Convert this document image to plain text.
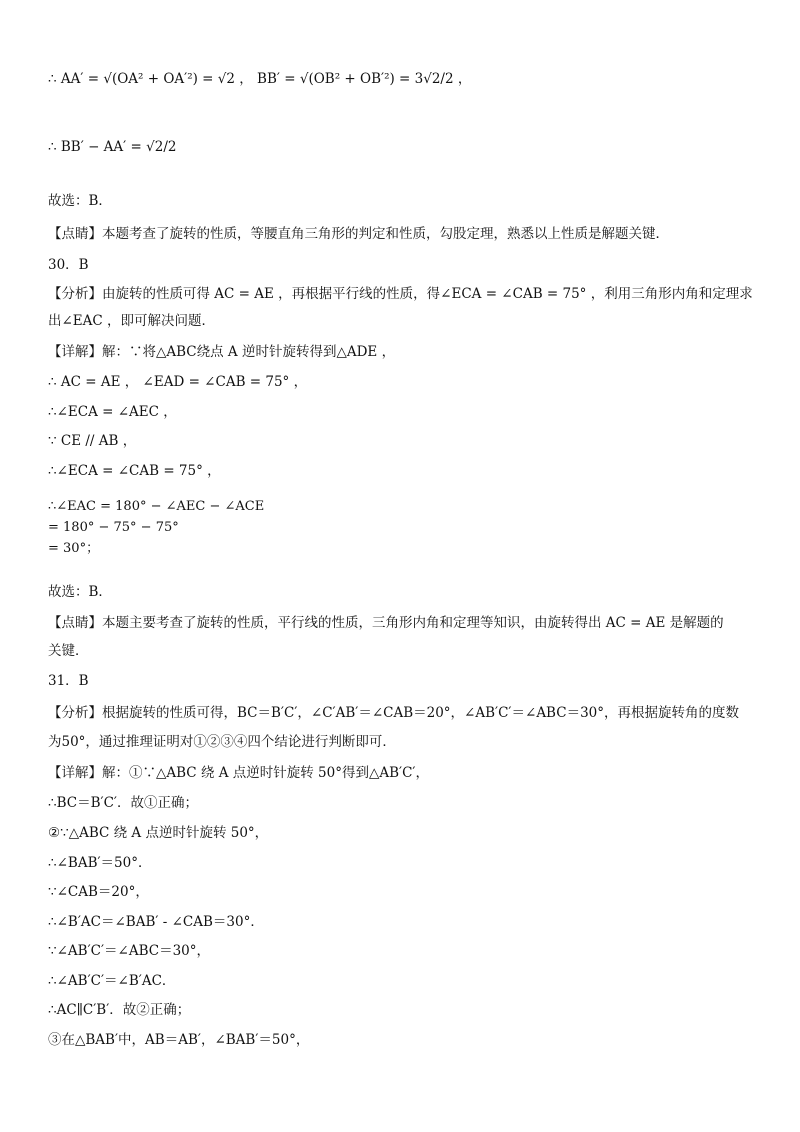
∴ AA′ = √(OA² + OA′²) = √2 ， BB′ = √(OB² + OB′²) = 3√2/2 ，
∴ BB′ − AA′ = √2/2
故选：B．
【点睛】本题考查了旋转的性质，等腰直角三角形的判定和性质，勾股定理，熟悉以上性质是解题关键．
30．B
【分析】由旋转的性质可得 AC = AE ，再根据平行线的性质，得∠ECA = ∠CAB = 75° ，利用三角形内角和定理求
出∠EAC ，即可解决问题．
【详解】解：∵将△ABC绕点 A 逆时针旋转得到△ADE ，
∴ AC = AE ， ∠EAD = ∠CAB = 75° ，
∴∠ECA = ∠AEC ，
∵ CE // AB ，
∴∠ECA = ∠CAB = 75° ，
∴∠EAC = 180° − ∠AEC − ∠ACE
= 180° − 75° − 75°
= 30°；
故选：B．
【点睛】本题主要考查了旋转的性质，平行线的性质，三角形内角和定理等知识，由旋转得出 AC = AE 是解题的
关键．
31．B
【分析】根据旋转的性质可得，BC＝B′C′，∠C′AB′＝∠CAB＝20°，∠AB′C′＝∠ABC＝30°，再根据旋转角的度数
为50°，通过推理证明对①②③④四个结论进行判断即可．
【详解】解：①∵△ABC 绕 A 点逆时针旋转 50°得到△AB′C′，
∴BC＝B′C′．故①正确；
②∵△ABC 绕 A 点逆时针旋转 50°，
∴∠BAB′＝50°．
∵∠CAB＝20°，
∴∠B′AC＝∠BAB′ - ∠CAB＝30°．
∵∠AB′C′＝∠ABC＝30°，
∴∠AB′C′＝∠B′AC．
∴AC∥C′B′．故②正确；
③在△BAB′中，AB＝AB′，∠BAB′＝50°，
